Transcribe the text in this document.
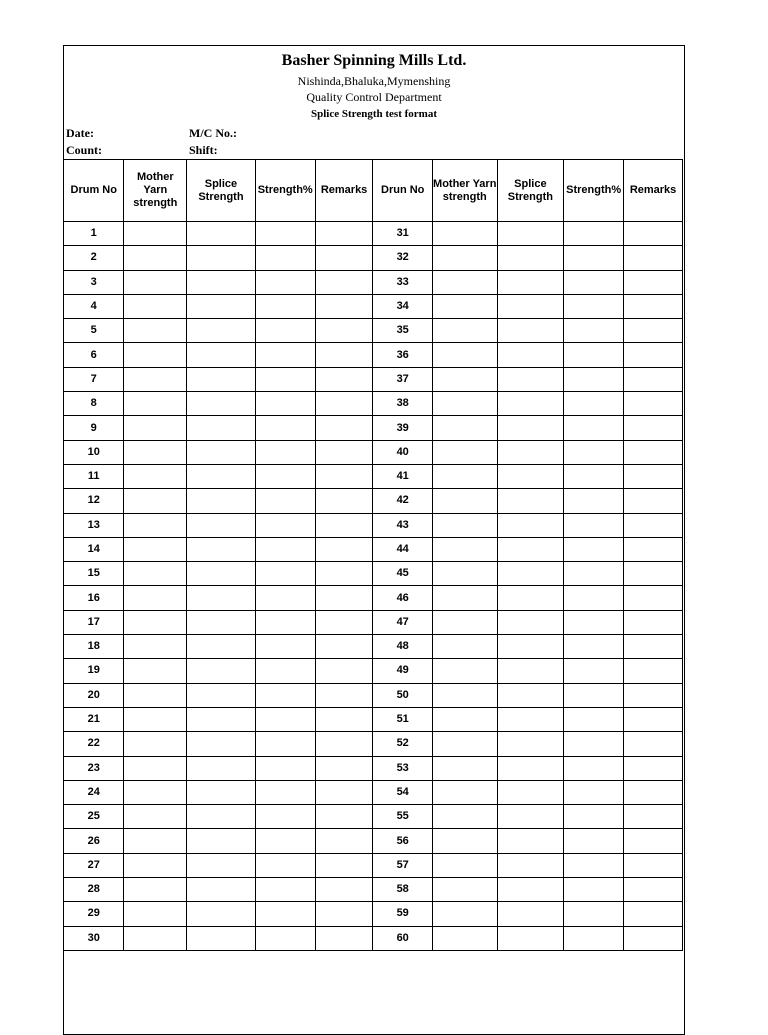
Basher Spinning Mills Ltd.
Nishinda,Bhaluka,Mymenshing
Quality Control Department
Splice Strength test format
Date:
Count:
M/C No.:
Shift:
Drum No	Mother Yarn strength	Splice Strength	Strength%	Remarks	Drun No	Mother Yarn strength	Splice Strength	Strength%	Remarks
1					31				
2					32				
3					33				
4					34				
5					35				
6					36				
7					37				
8					38				
9					39				
10					40				
11					41				
12					42				
13					43				
14					44				
15					45				
16					46				
17					47				
18					48				
19					49				
20					50				
21					51				
22					52				
23					53				
24					54				
25					55				
26					56				
27					57				
28					58				
29					59				
30					60				
